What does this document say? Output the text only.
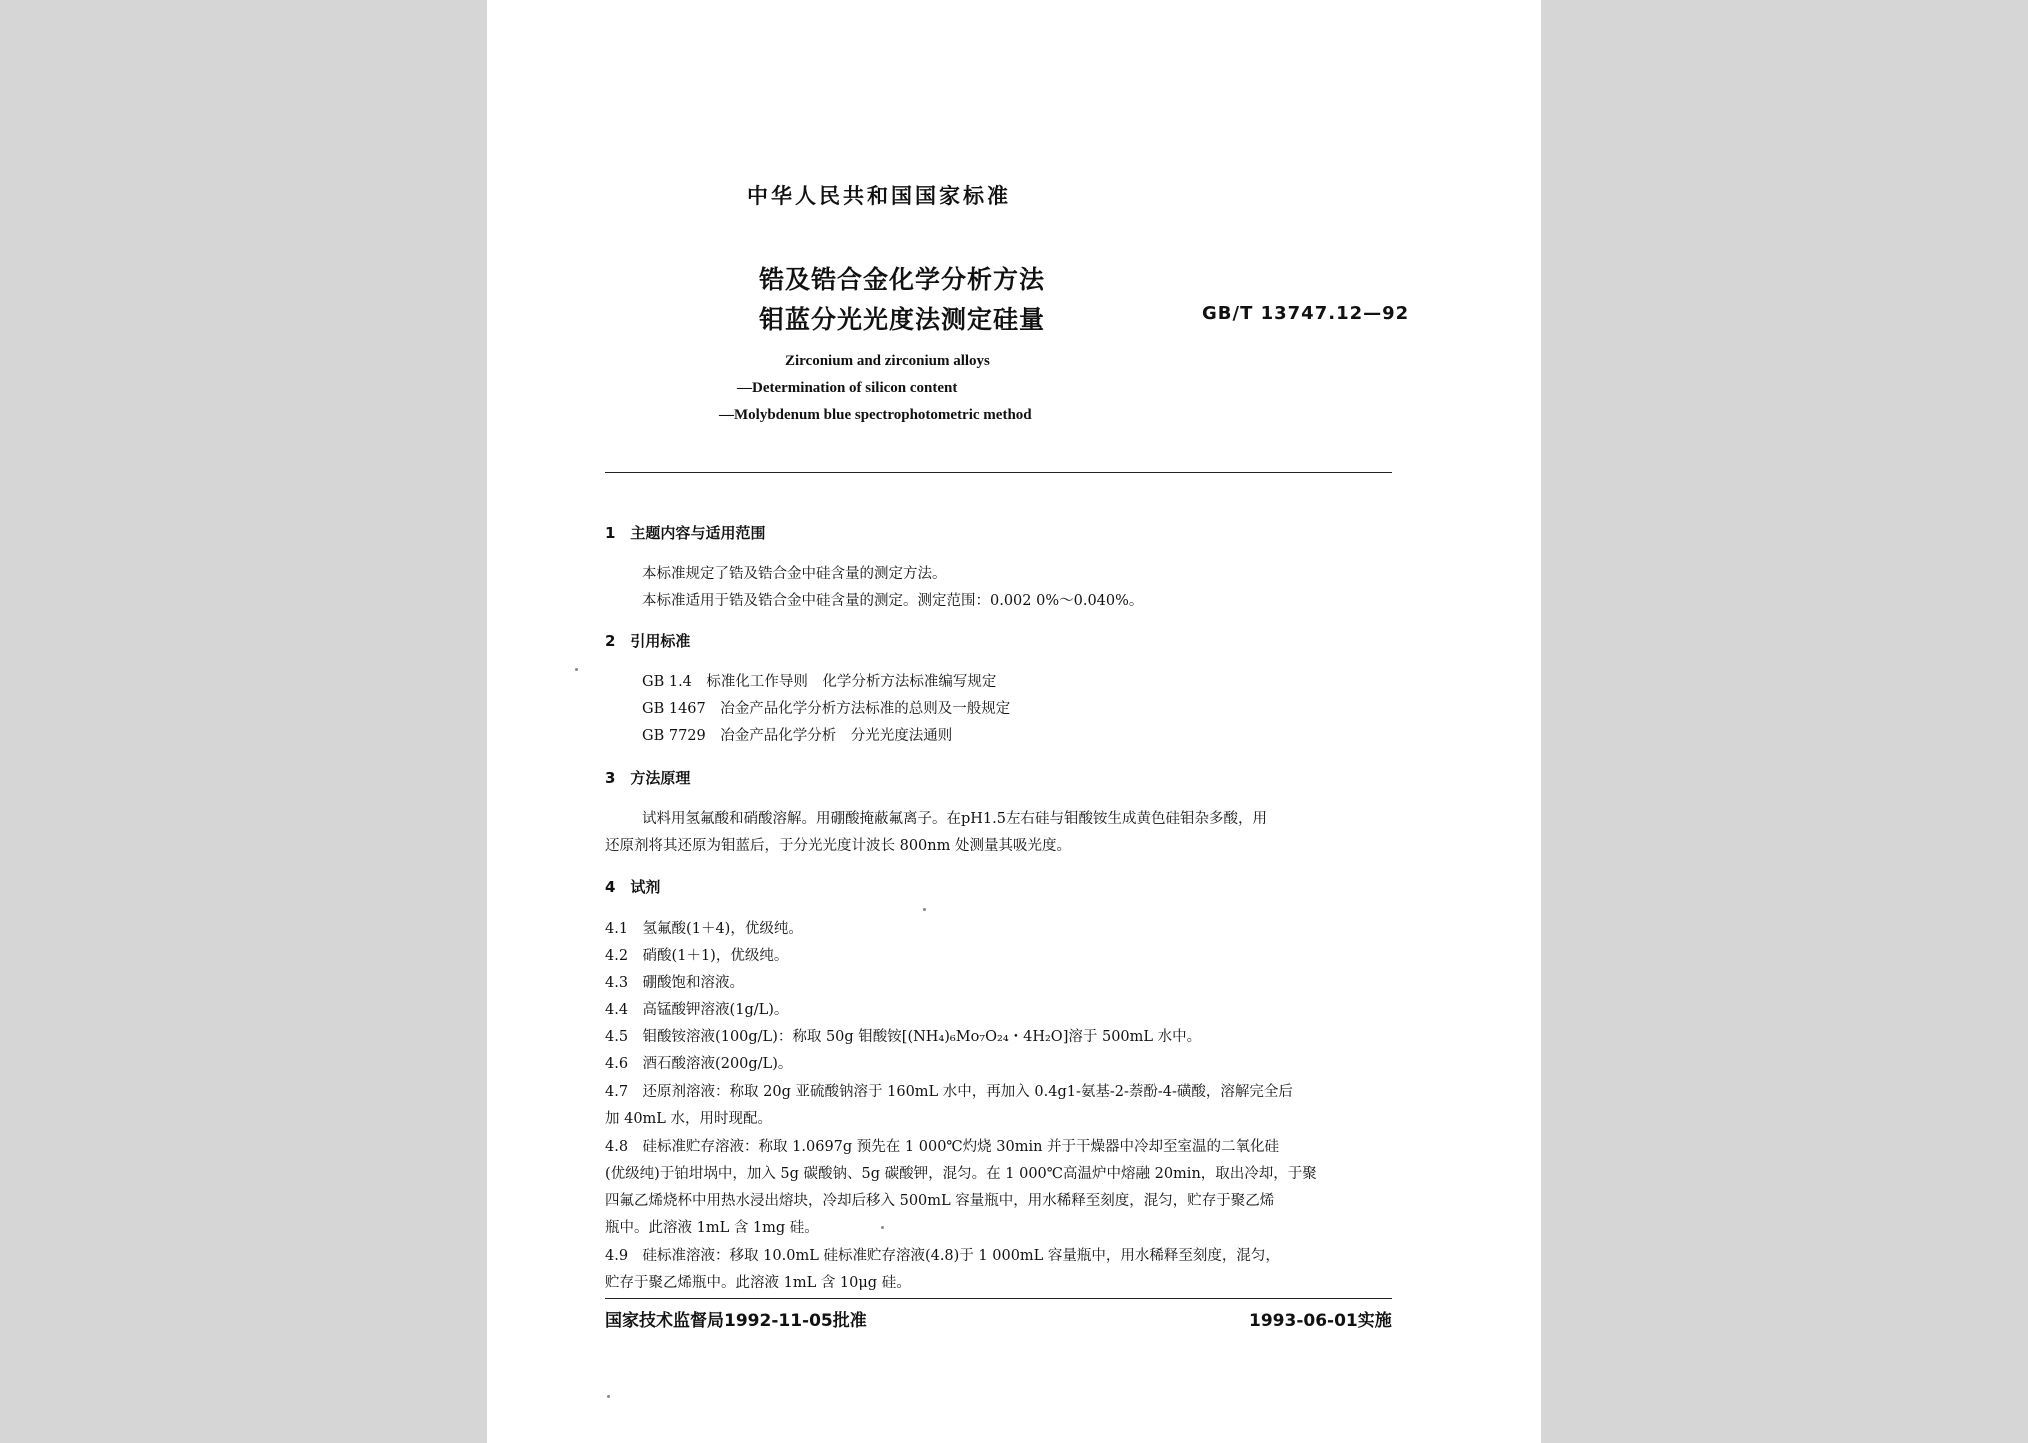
中华人民共和国国家标准
锆及锆合金化学分析方法
钼蓝分光光度法测定硅量	GB/T 13747.12—92
Zirconium and zirconium alloys
—Determination of silicon content
—Molybdenum blue spectrophotometric method
1　主题内容与适用范围
本标准规定了锆及锆合金中硅含量的测定方法。
本标准适用于锆及锆合金中硅含量的测定。测定范围：0.002 0%～0.040%。
2　引用标准
GB 1.4　标准化工作导则　化学分析方法标准编写规定
GB 1467　冶金产品化学分析方法标准的总则及一般规定
GB 7729　冶金产品化学分析　分光光度法通则
3　方法原理
试料用氢氟酸和硝酸溶解。用硼酸掩蔽氟离子。在pH1.5左右硅与钼酸铵生成黄色硅钼杂多酸，用
还原剂将其还原为钼蓝后，于分光光度计波长 800nm 处测量其吸光度。
4　试剂
4.1　氢氟酸(1＋4)，优级纯。
4.2　硝酸(1＋1)，优级纯。
4.3　硼酸饱和溶液。
4.4　高锰酸钾溶液(1g/L)。
4.5　钼酸铵溶液(100g/L)：称取 50g 钼酸铵[(NH₄)₆Mo₇O₂₄・4H₂O]溶于 500mL 水中。
4.6　酒石酸溶液(200g/L)。
4.7　还原剂溶液：称取 20g 亚硫酸钠溶于 160mL 水中，再加入 0.4g1-氨基-2-萘酚-4-磺酸，溶解完全后
加 40mL 水，用时现配。
4.8　硅标准贮存溶液：称取 1.0697g 预先在 1 000℃灼烧 30min 并于干燥器中冷却至室温的二氧化硅
(优级纯)于铂坩埚中，加入 5g 碳酸钠、5g 碳酸钾，混匀。在 1 000℃高温炉中熔融 20min，取出冷却，于聚
四氟乙烯烧杯中用热水浸出熔块，冷却后移入 500mL 容量瓶中，用水稀释至刻度，混匀，贮存于聚乙烯
瓶中。此溶液 1mL 含 1mg 硅。
4.9　硅标准溶液：移取 10.0mL 硅标准贮存溶液(4.8)于 1 000mL 容量瓶中，用水稀释至刻度，混匀，
贮存于聚乙烯瓶中。此溶液 1mL 含 10μg 硅。
国家技术监督局1992-11-05批准	1993-06-01实施
